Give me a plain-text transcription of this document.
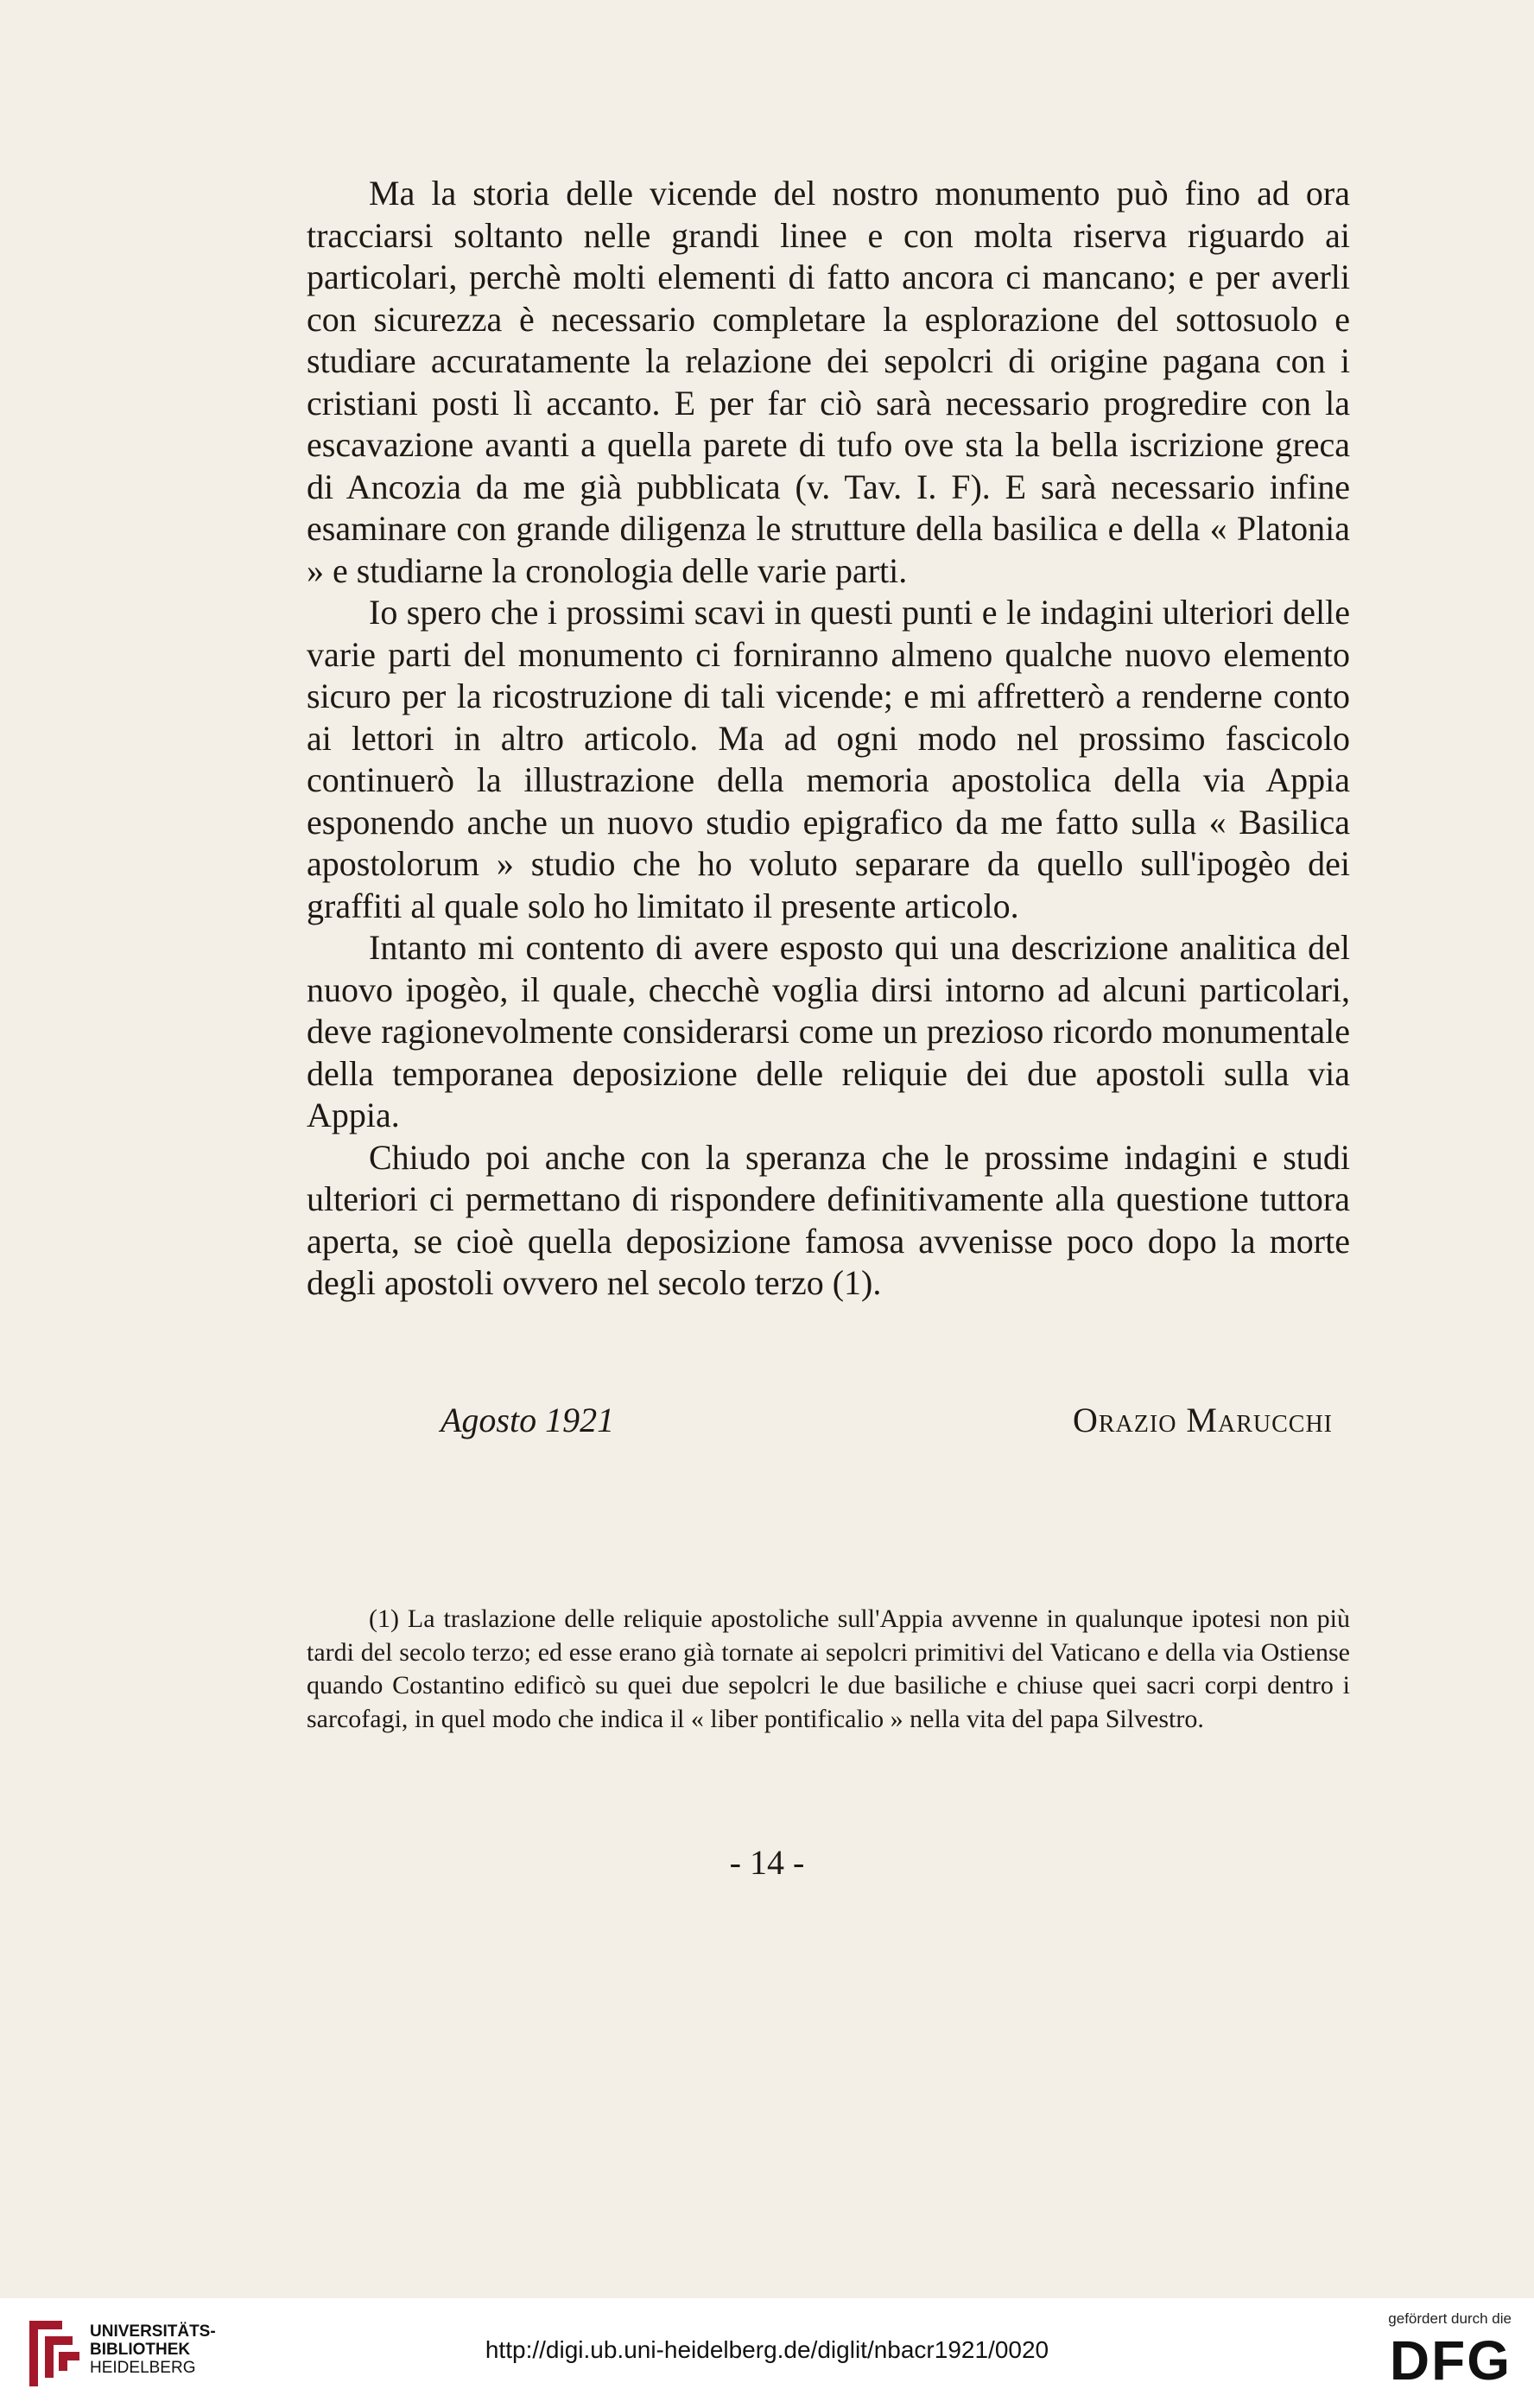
Ma la storia delle vicende del nostro monumento può fino ad ora tracciarsi soltanto nelle grandi linee e con molta riserva riguardo ai particolari, perchè molti elementi di fatto ancora ci mancano; e per averli con sicurezza è necessario completare la esplorazione del sottosuolo e studiare accuratamente la relazione dei sepolcri di origine pagana con i cristiani posti lì accanto. E per far ciò sarà necessario progredire con la escavazione avanti a quella parete di tufo ove sta la bella iscrizione greca di Ancozia da me già pubblicata (v. Tav. I. F). E sarà necessario infine esaminare con grande diligenza le strutture della basilica e della « Platonia » e studiarne la cronologia delle varie parti.

Io spero che i prossimi scavi in questi punti e le indagini ulteriori delle varie parti del monumento ci forniranno almeno qualche nuovo elemento sicuro per la ricostruzione di tali vicende; e mi affretterò a renderne conto ai lettori in altro articolo. Ma ad ogni modo nel prossimo fascicolo continuerò la illustrazione della memoria apostolica della via Appia esponendo anche un nuovo studio epigrafico da me fatto sulla « Basilica apostolorum » studio che ho voluto separare da quello sull'ipogèo dei graffiti al quale solo ho limitato il presente articolo.

Intanto mi contento di avere esposto qui una descrizione analitica del nuovo ipogèo, il quale, checchè voglia dirsi intorno ad alcuni particolari, deve ragionevolmente considerarsi come un prezioso ricordo monumentale della temporanea deposizione delle reliquie dei due apostoli sulla via Appia.

Chiudo poi anche con la speranza che le prossime indagini e studi ulteriori ci permettano di rispondere definitivamente alla questione tuttora aperta, se cioè quella deposizione famosa avvenisse poco dopo la morte degli apostoli ovvero nel secolo terzo (1).

Agosto 1921	Orazio Marucchi

(1) La traslazione delle reliquie apostoliche sull'Appia avvenne in qualunque ipotesi non più tardi del secolo terzo; ed esse erano già tornate ai sepolcri primitivi del Vaticano e della via Ostiense quando Costantino edificò su quei due sepolcri le due basiliche e chiuse quei sacri corpi dentro i sarcofagi, in quel modo che indica il « liber pontificalio » nella vita del papa Silvestro.

- 14 -
UNIVERSITÄTS-
BIBLIOTHEK
HEIDELBERG
http://digi.ub.uni-heidelberg.de/diglit/nbacr1921/0020
gefördert durch die
DFG
